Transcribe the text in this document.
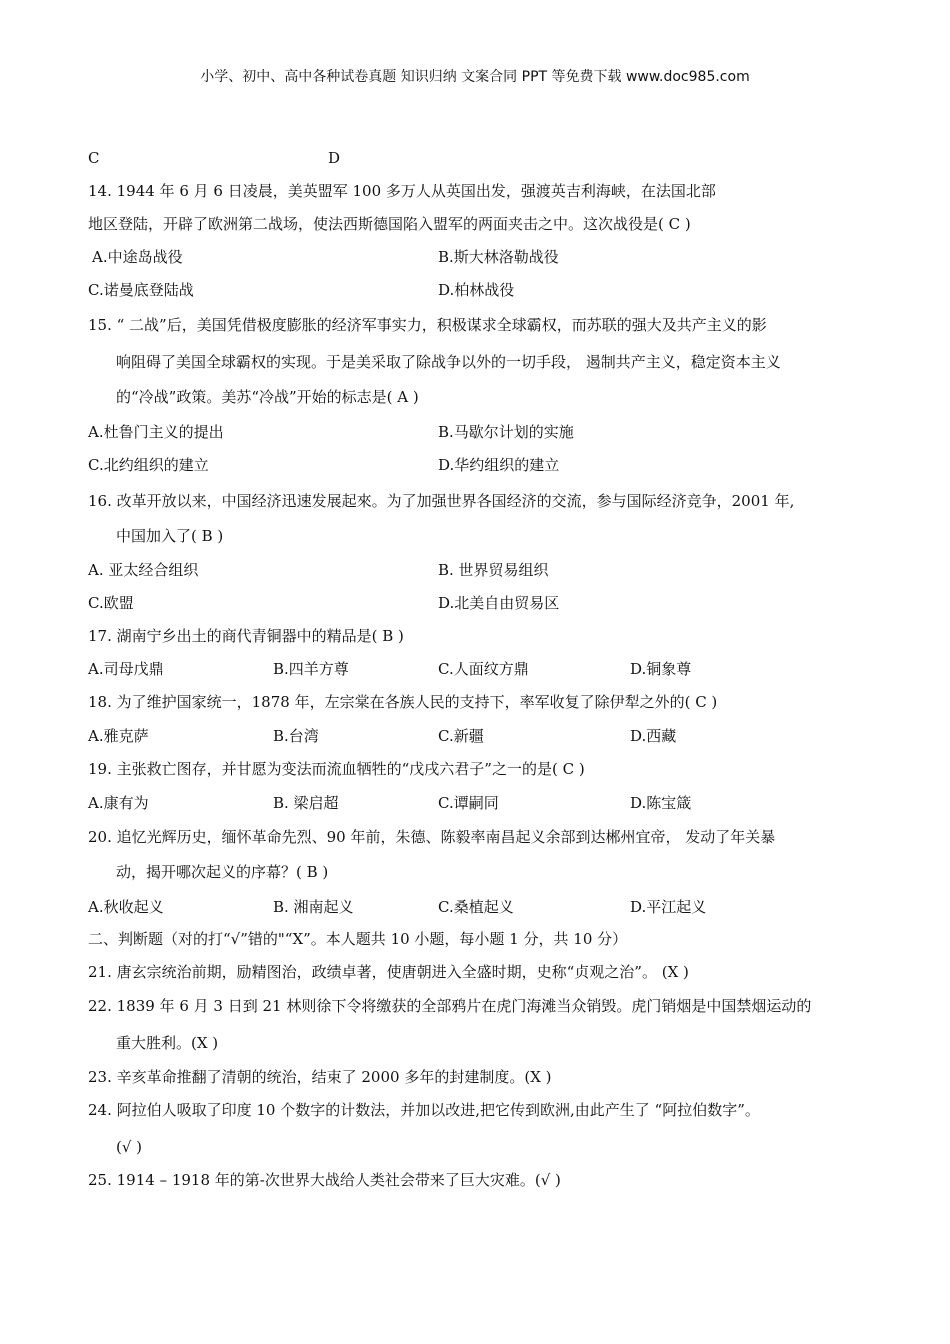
小学、初中、高中各种试卷真题 知识归纳 文案合同 PPT 等免费下载 www.doc985.com
C	D
14. 1944 年 6 月 6 日凌晨，美英盟军 100 多万人从英国出发，强渡英吉利海峡，在法国北部
地区登陆，开辟了欧洲第二战场，使法西斯德国陷入盟军的两面夹击之中。这次战役是( C )
A.中途岛战役	B.斯大林洛勒战役
C.诺曼底登陆战	D.柏林战役
15. “ 二战”后，美国凭借极度膨胀的经济军事实力，积极谋求全球霸权，而苏联的强大及共产主义的影
响阻碍了美国全球霸权的实现。于是美采取了除战争以外的一切手段， 遏制共产主义，稳定资本主义
的“冷战”政策。美苏“冷战”开始的标志是( A )
A.杜鲁门主义的提出	B.马歇尔计划的实施
C.北约组织的建立	D.华约组织的建立
16. 改革开放以来，中国经济迅速发展起來。为了加强世界各国经济的交流，参与国际经济竞争，2001 年,
中国加入了( B )
A. 亚太经合组织	B. 世界贸易组织
C.欧盟	D.北美自由贸易区
17. 湖南宁乡出土的商代青铜器中的精品是( B )
A.司母戊鼎	B.四羊方尊	C.人面纹方鼎	D.铜象尊
18. 为了维护国家统一，1878 年，左宗棠在各族人民的支持下，率军收复了除伊犁之外的( C )
A.雅克萨	B.台湾	C.新疆	D.西藏
19. 主张救亡图存，并甘愿为变法而流血牺牲的“戊戌六君子”之一的是( C )
A.康有为	B. 梁启超	C.谭嗣同	D.陈宝箴
20. 追忆光辉历史，缅怀革命先烈、90 年前，朱德、陈毅率南昌起义余部到达郴州宜帝， 发动了年关暴
动，揭开哪次起义的序幕？( B )
A.秋收起义	B. 湘南起义	C.桑植起义	D.平江起义
二、判断题（对的打“√”错的"“X”。本人题共 10 小题，每小题 1 分，共 10 分）
21. 唐玄宗统治前期，励精图治，政绩卓著，使唐朝进入全盛时期，史称“贞观之治”。 (X )
22. 1839 年 6 月 3 日到 21 林则徐下令将缴获的全部鸦片在虎门海滩当众销毁。虎门销烟是中国禁烟运动的
重大胜利。(X )
23. 辛亥革命推翻了清朝的统治，结束了 2000 多年的封建制度。(X )
24. 阿拉伯人吸取了印度 10 个数字的计数法，并加以改进,把它传到欧洲,由此产生了 “阿拉伯数字”。
(√ )
25. 1914 – 1918 年的第-次世界大战给人类社会带来了巨大灾难。(√ )
